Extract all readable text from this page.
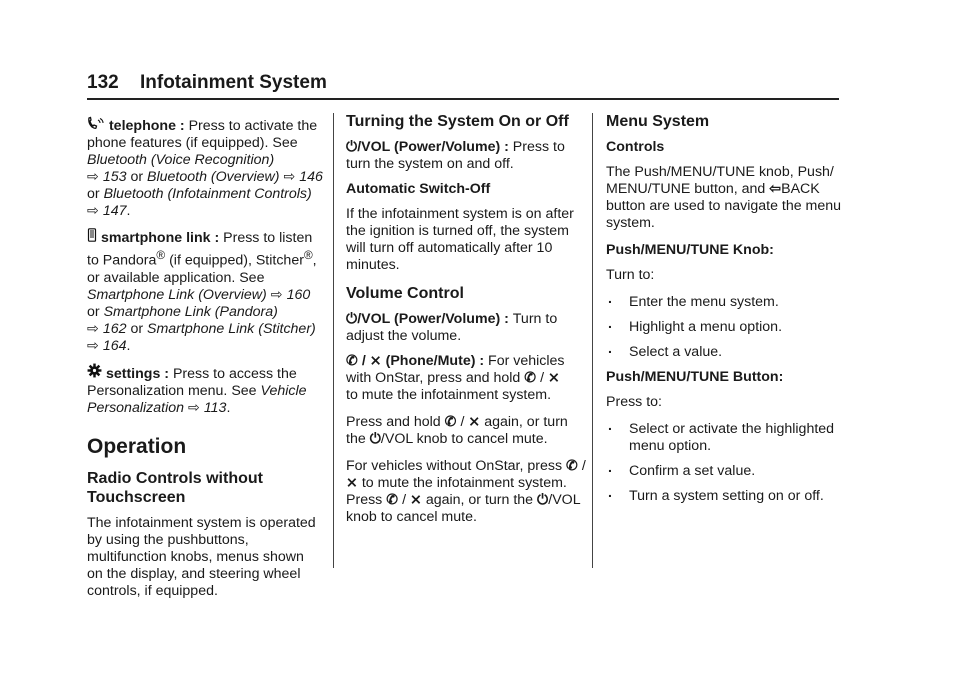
132 Infotainment System

telephone : Press to activate the phone features (if equipped). See Bluetooth (Voice Recognition)
⇨ 153 or Bluetooth (Overview) ⇨ 146
or Bluetooth (Infotainment Controls)
⇨ 147.

smartphone link : Press to listen to Pandora® (if equipped), Stitcher®, or available application. See
Smartphone Link (Overview) ⇨ 160
or Smartphone Link (Pandora)
⇨ 162 or Smartphone Link (Stitcher)
⇨ 164.

settings : Press to access the Personalization menu. See Vehicle Personalization ⇨ 113.

Operation
Radio Controls without Touchscreen

The infotainment system is operated by using the pushbuttons, multifunction knobs, menus shown on the display, and steering wheel controls, if equipped.

Turning the System On or Off

⏻/VOL (Power/Volume) : Press to turn the system on and off.

Automatic Switch-Off

If the infotainment system is on after the ignition is turned off, the system will turn off automatically after 10 minutes.

Volume Control

⏻/VOL (Power/Volume) : Turn to adjust the volume.

✆ / ⨯ (Phone/Mute) : For vehicles with OnStar, press and hold ✆ / ⨯
to mute the infotainment system.

Press and hold ✆ / ⨯ again, or turn the ⏻/VOL knob to cancel mute.

For vehicles without OnStar, press ✆ / ⨯ to mute the infotainment system. Press ✆ / ⨯ again, or turn the ⏻/VOL knob to cancel mute.

Menu System

Controls

The Push/MENU/TUNE knob, Push/ MENU/TUNE button, and ⇦BACK button are used to navigate the menu system.

Push/MENU/TUNE Knob:

Turn to:

. Enter the menu system.
. Highlight a menu option.
. Select a value.

Push/MENU/TUNE Button:

Press to:

. Select or activate the highlighted menu option.
. Confirm a set value.
. Turn a system setting on or off.
